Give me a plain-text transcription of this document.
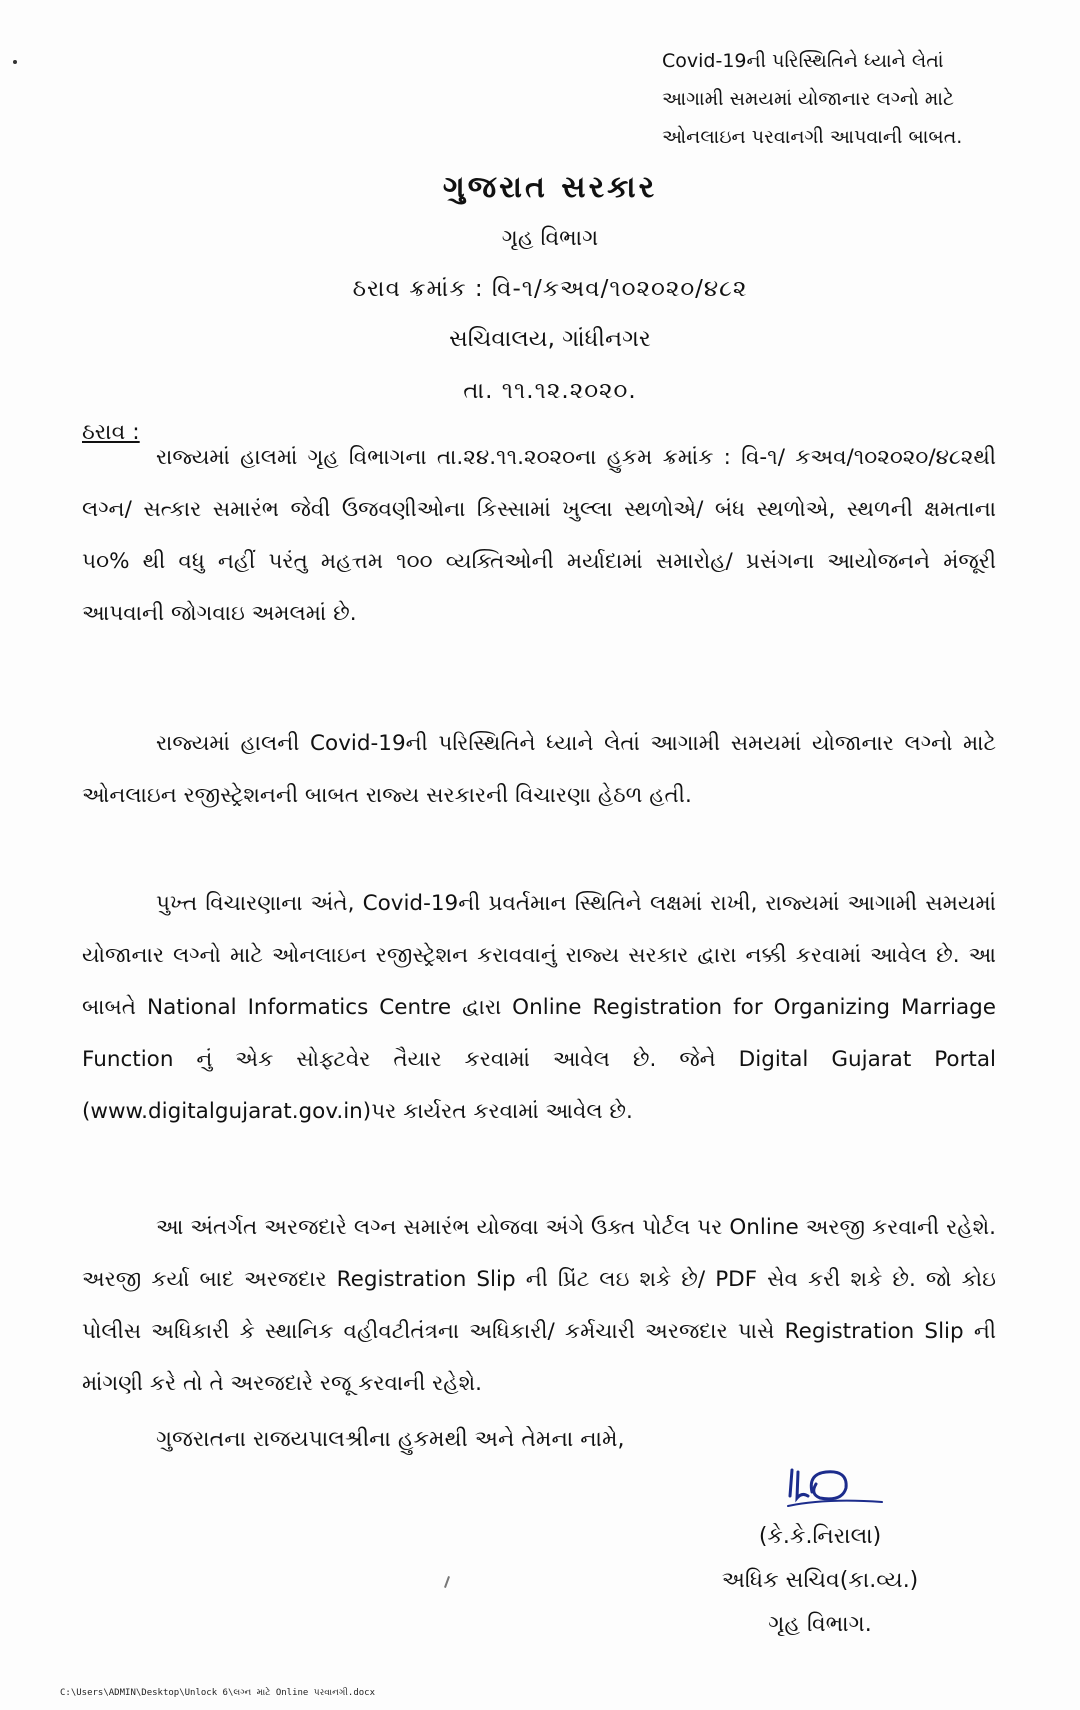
Covid-19ની પરિસ્થિતિને ધ્યાને લેતાં
આગામી સમયમાં યોજાનાર લગ્નો માટે
ઓનલાઇન પરવાનગી આપવાની બાબત.
ગુજરાત સરકાર
ગૃહ વિભાગ
ઠરાવ ક્રમાંક : વિ-૧/કઅવ/૧૦૨૦૨૦/૪૮૨
સચિવાલય, ગાંધીનગર
તા. ૧૧.૧૨.૨૦૨૦.
ઠરાવ :
રાજ્યમાં હાલમાં ગૃહ વિભાગના તા.૨૪.૧૧.૨૦૨૦ના હુકમ ક્રમાંક : વિ-૧/ કઅવ/૧૦૨૦૨૦/૪૮૨થી લગ્ન/ સત્કાર સમારંભ જેવી ઉજવણીઓના કિસ્સામાં ખુલ્લા સ્થળોએ/ બંધ સ્થળોએ, સ્થળની ક્ષમતાના ૫૦% થી વધુ નહીં પરંતુ મહત્તમ ૧૦૦ વ્યક્તિઓની મર્યાદામાં સમારોહ/ પ્રસંગના આયોજનને મંજૂરી આપવાની જોગવાઇ અમલમાં છે.
રાજ્યમાં હાલની Covid-19ની પરિસ્થિતિને ધ્યાને લેતાં આગામી સમયમાં યોજાનાર લગ્નો માટે ઓનલાઇન રજીસ્ટ્રેશનની બાબત રાજ્ય સરકારની વિચારણા હેઠળ હતી.
પુખ્ત વિચારણાના અંતે, Covid-19ની પ્રવર્તમાન સ્થિતિને લક્ષમાં રાખી, રાજ્યમાં આગામી સમયમાં યોજાનાર લગ્નો માટે ઓનલાઇન રજીસ્ટ્રેશન કરાવવાનું રાજ્ય સરકાર દ્વારા નક્કી કરવામાં આવેલ છે. આ બાબતે National Informatics Centre દ્વારા Online Registration for Organizing Marriage Function નું એક સોફ્ટવેર તૈયાર કરવામાં આવેલ છે. જેને Digital Gujarat Portal (www.digitalgujarat.gov.in)પર કાર્યરત કરવામાં આવેલ છે.
આ અંતર્ગત અરજદારે લગ્ન સમારંભ યોજવા અંગે ઉક્ત પોર્ટલ પર Online અરજી કરવાની રહેશે. અરજી કર્યા બાદ અરજદાર Registration Slip ની પ્રિંટ લઇ શકે છે/ PDF સેવ કરી શકે છે. જો કોઇ પોલીસ અધિકારી કે સ્થાનિક વહીવટીતંત્રના અધિકારી/ કર્મચારી અરજદાર પાસે Registration Slip ની માંગણી કરે તો તે અરજદારે રજૂ કરવાની રહેશે.
ગુજરાતના રાજયપાલશ્રીના હુકમથી અને તેમના નામે,
(કે.કે.નિરાલા)
અધિક સચિવ(કા.વ્ય.)
ગૃહ વિભાગ.
C:\Users\ADMIN\Desktop\Unlock 6\લગ્ન માટે Online પરવાનગી.docx
